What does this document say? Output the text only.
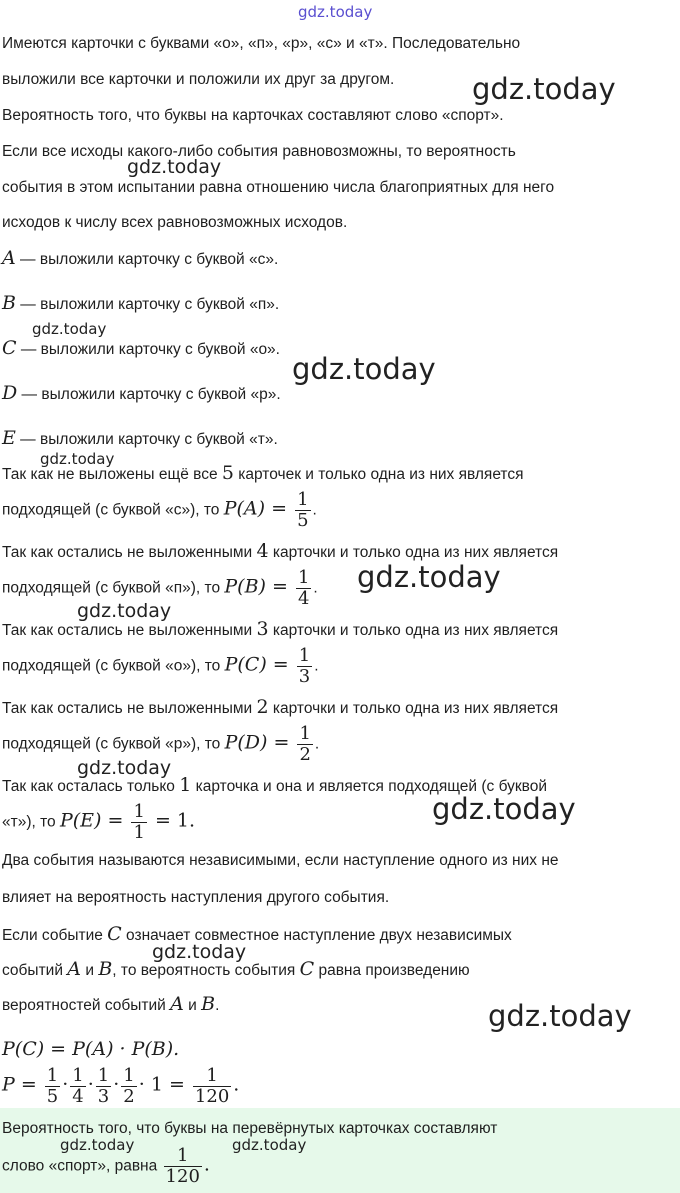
gdz.today
Имеются карточки с буквами «о», «п», «р», «с» и «т». Последовательно
выложили все карточки и положили их друг за другом.
Вероятность того, что буквы на карточках составляют слово «спорт».
Если все исходы какого-либо события равновозможны, то вероятность
события в этом испытании равна отношению числа благоприятных для него
исходов к числу всех равновозможных исходов.
A — выложили карточку с буквой «с».
B — выложили карточку с буквой «п».
C — выложили карточку с буквой «о».
D — выложили карточку с буквой «р».
E — выложили карточку с буквой «т».
Так как не выложены ещё все 5 карточек и только одна из них является
подходящей (с буквой «с»), то $P(A) = \frac{1}{5}$ .
Так как остались не выложенными 4 карточки и только одна из них является
подходящей (с буквой «п»), то $P(B) = \frac{1}{4}$ .
Так как остались не выложенными 3 карточки и только одна из них является
подходящей (с буквой «о»), то $P(C) = \frac{1}{3}$ .
Так как остались не выложенными 2 карточки и только одна из них является
подходящей (с буквой «р»), то $P(D) = \frac{1}{2}$ .
Так как осталась только 1 карточка и она и является подходящей (с буквой
«т»), то $P(E) = \frac{1}{1} = 1$.
Два события называются независимыми, если наступление одного из них не
влияет на вероятность наступления другого события.
Если событие C означает совместное наступление двух независимых
событий A и B, то вероятность события C равна произведению
вероятностей событий A и B.
P(C) = P(A) · P(B).
$P = \frac{1}{5} \cdot \frac{1}{4} \cdot \frac{1}{3} \cdot \frac{1}{2} \cdot 1 = \frac{1}{120}$ .
Вероятность того, что буквы на перевёрнутых карточках составляют
слово «спорт», равна $\frac{1}{120}$ .
gdz.today
gdz.today
gdz.today
gdz.today
gdz.today
gdz.today
gdz.today
gdz.today
gdz.today
gdz.today
gdz.today
gdz.today	gdz.today
